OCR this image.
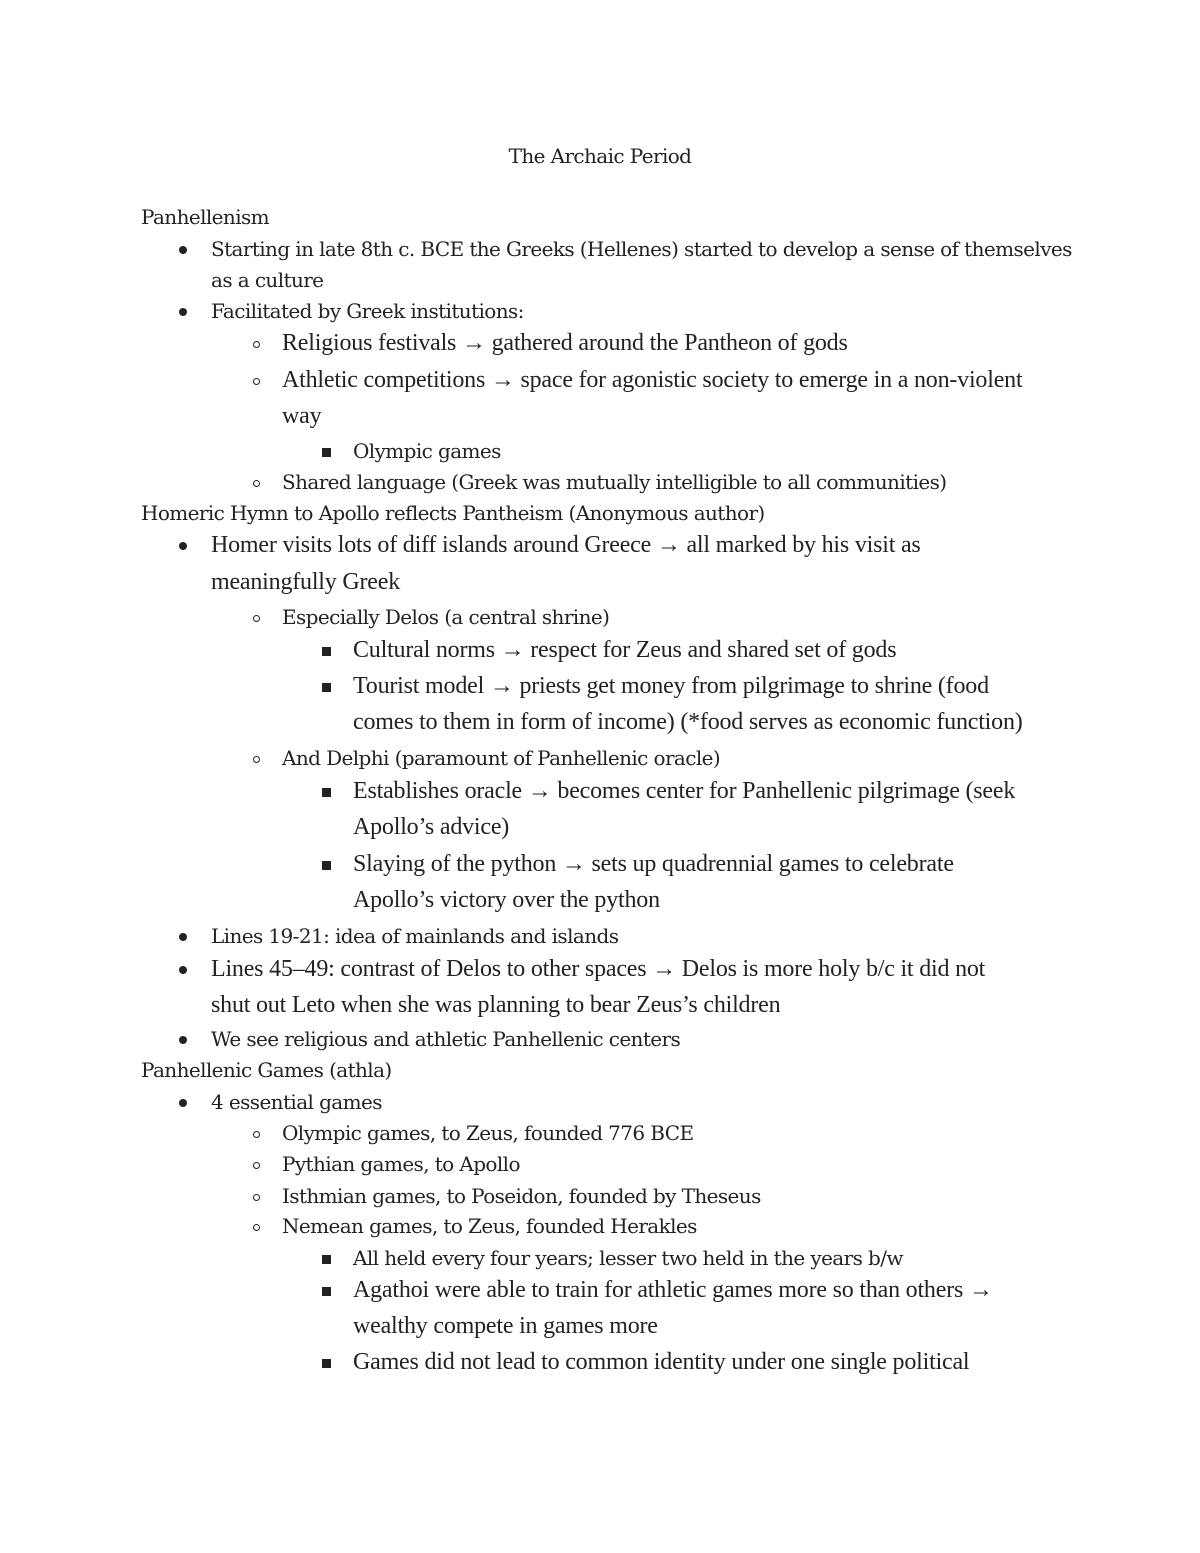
The Archaic Period
Panhellenism
Starting in late 8th c. BCE the Greeks (Hellenes) started to develop a sense of themselves
as a culture
Facilitated by Greek institutions:
Religious festivals → gathered around the Pantheon of gods
Athletic competitions → space for agonistic society to emerge in a non-violent
way
Olympic games
Shared language (Greek was mutually intelligible to all communities)
Homeric Hymn to Apollo reflects Pantheism (Anonymous author)
Homer visits lots of diff islands around Greece → all marked by his visit as
meaningfully Greek
Especially Delos (a central shrine)
Cultural norms → respect for Zeus and shared set of gods
Tourist model → priests get money from pilgrimage to shrine (food
comes to them in form of income) (*food serves as economic function)
And Delphi (paramount of Panhellenic oracle)
Establishes oracle → becomes center for Panhellenic pilgrimage (seek
Apollo’s advice)
Slaying of the python → sets up quadrennial games to celebrate
Apollo’s victory over the python
Lines 19-21: idea of mainlands and islands
Lines 45–49: contrast of Delos to other spaces → Delos is more holy b/c it did not
shut out Leto when she was planning to bear Zeus’s children
We see religious and athletic Panhellenic centers
Panhellenic Games (athla)
4 essential games
Olympic games, to Zeus, founded 776 BCE
Pythian games, to Apollo
Isthmian games, to Poseidon, founded by Theseus
Nemean games, to Zeus, founded Herakles
All held every four years; lesser two held in the years b/w
Agathoi were able to train for athletic games more so than others →
wealthy compete in games more
Games did not lead to common identity under one single political
